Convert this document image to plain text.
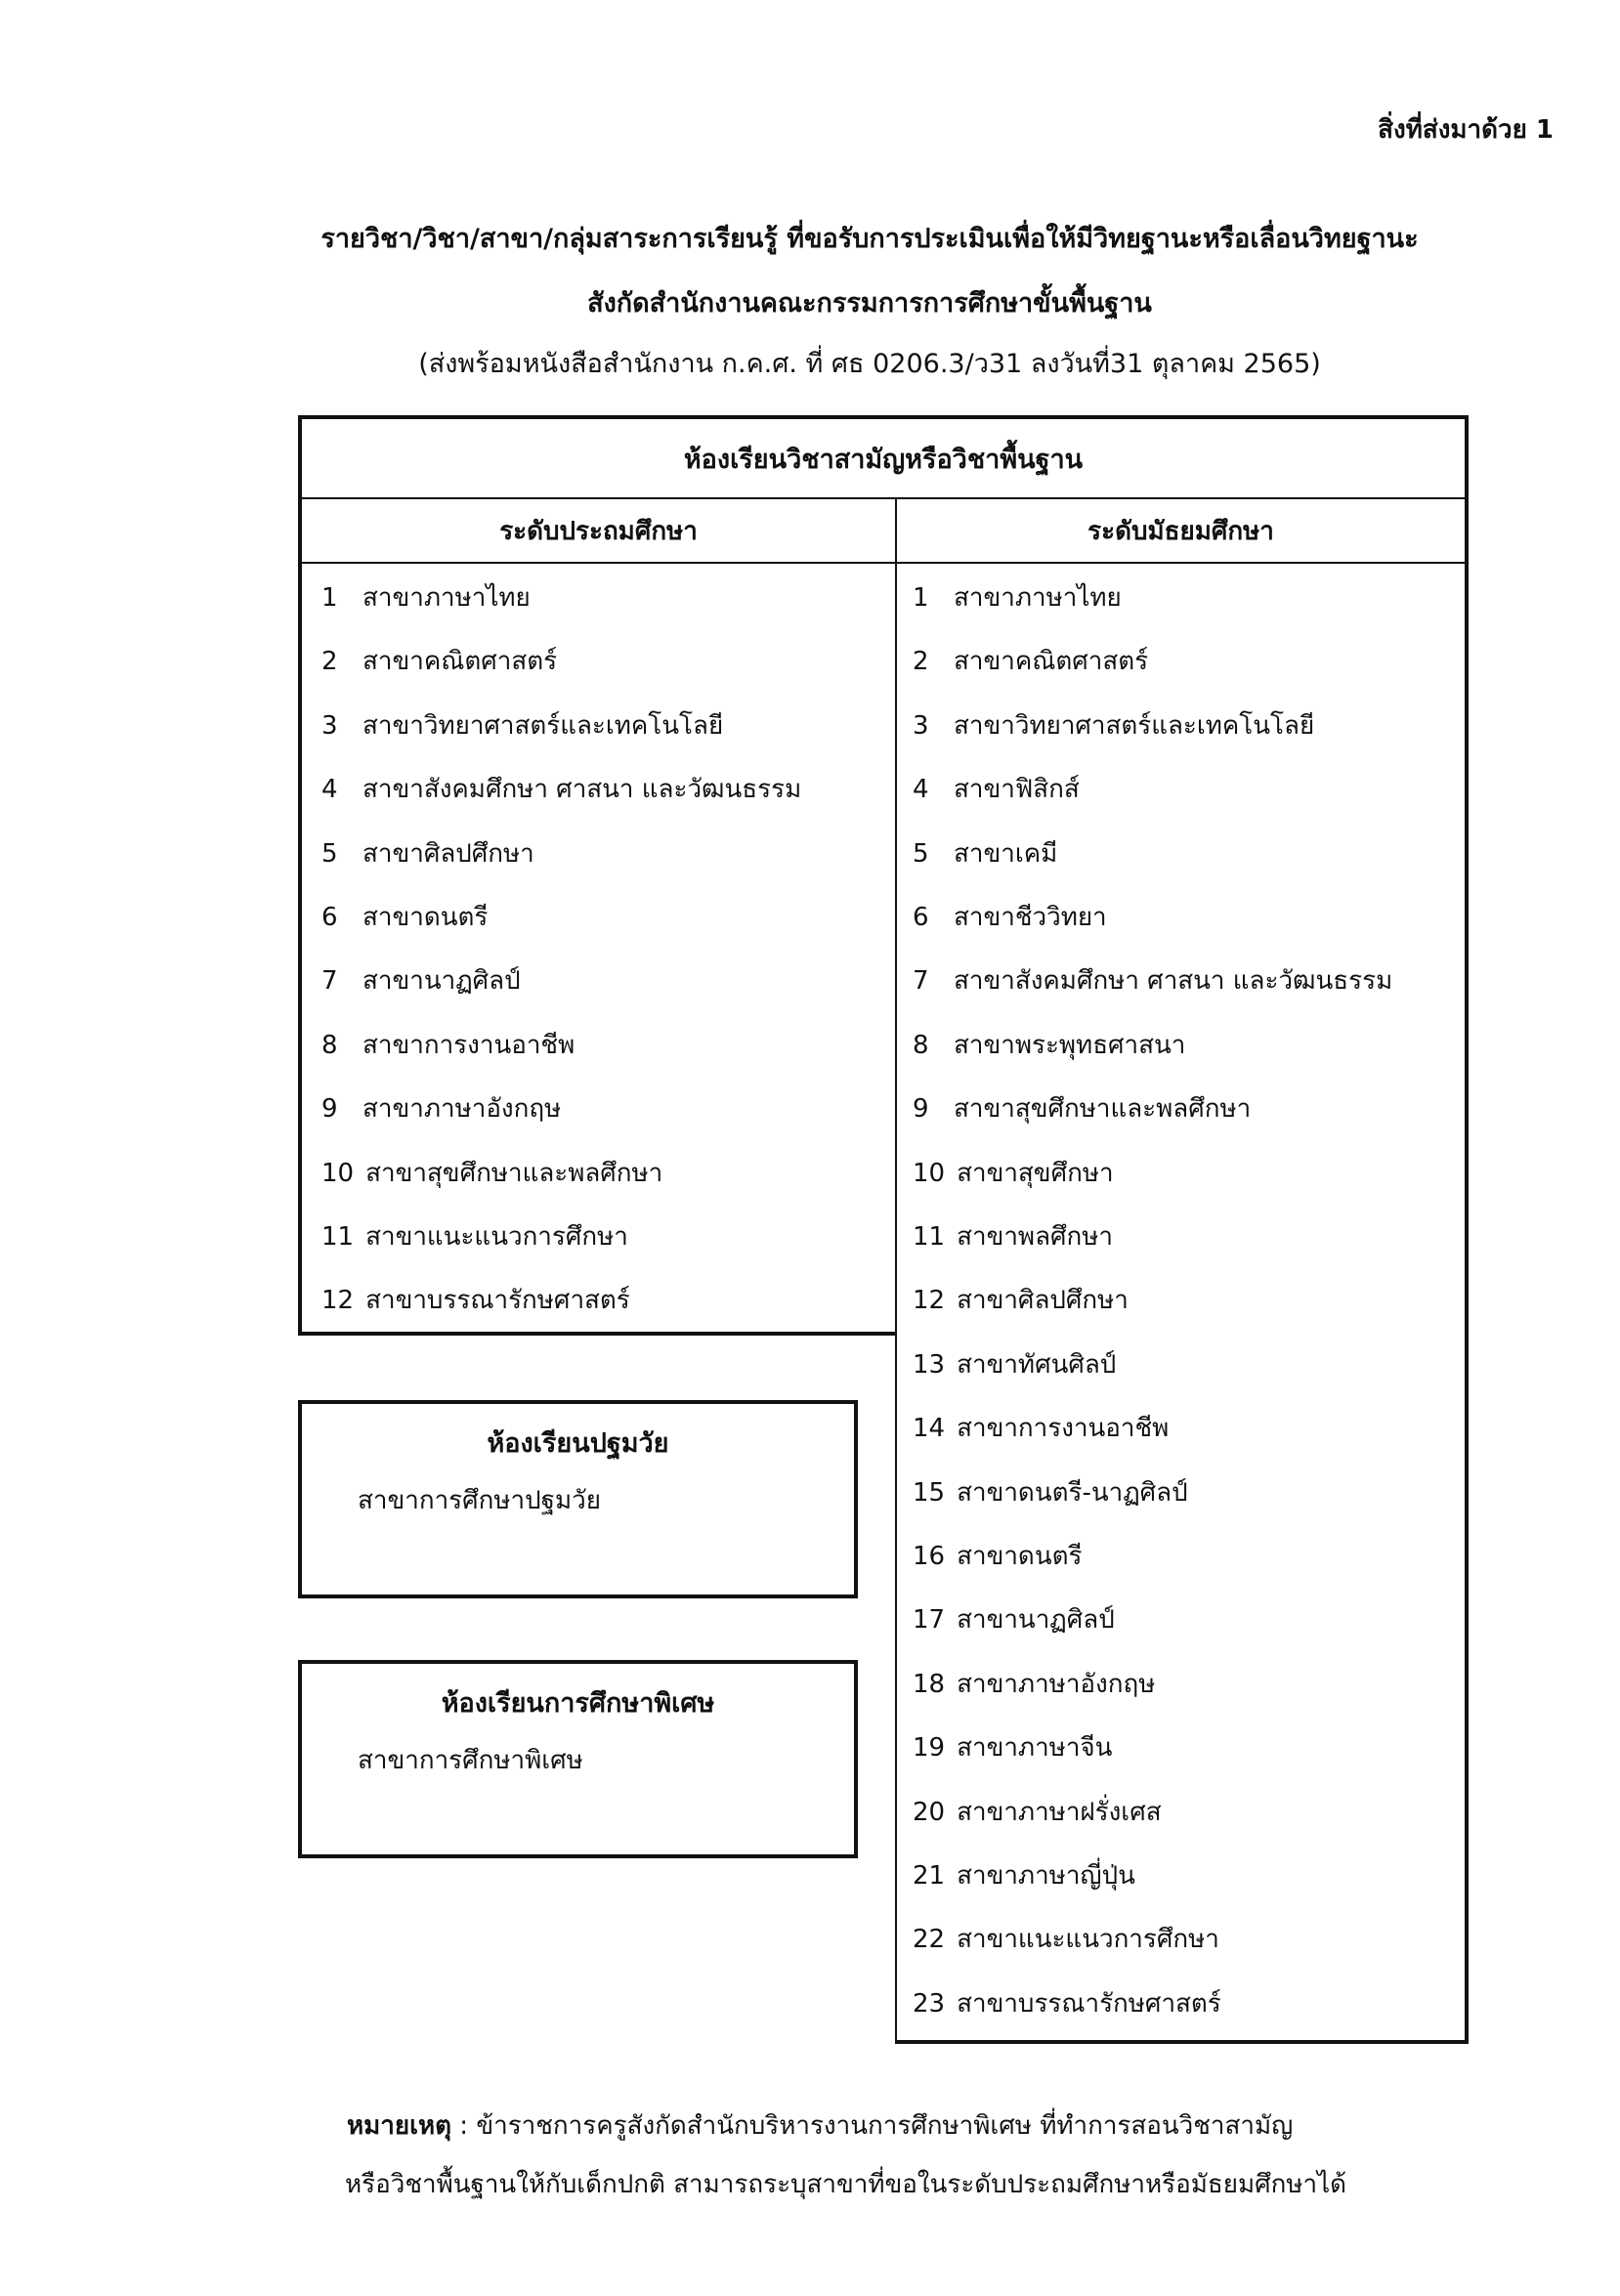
สิ่งที่ส่งมาด้วย 1
รายวิชา/วิชา/สาขา/กลุ่มสาระการเรียนรู้ ที่ขอรับการประเมินเพื่อให้มีวิทยฐานะหรือเลื่อนวิทยฐานะ
สังกัดสำนักงานคณะกรรมการการศึกษาขั้นพื้นฐาน
(ส่งพร้อมหนังสือสำนักงาน ก.ค.ศ. ที่ ศธ 0206.3/ว31 ลงวันที่31 ตุลาคม 2565)
ห้องเรียนวิชาสามัญหรือวิชาพื้นฐาน
ระดับประถมศึกษา	ระดับมัธยมศึกษา
1 สาขาภาษาไทย
2 สาขาคณิตศาสตร์
3 สาขาวิทยาศาสตร์และเทคโนโลยี
4 สาขาสังคมศึกษา ศาสนา และวัฒนธรรม
5 สาขาศิลปศึกษา
6 สาขาดนตรี
7 สาขานาฏศิลป์
8 สาขาการงานอาชีพ
9 สาขาภาษาอังกฤษ
10 สาขาสุขศึกษาและพลศึกษา
11 สาขาแนะแนวการศึกษา
12 สาขาบรรณารักษศาสตร์
1 สาขาภาษาไทย
2 สาขาคณิตศาสตร์
3 สาขาวิทยาศาสตร์และเทคโนโลยี
4 สาขาฟิสิกส์
5 สาขาเคมี
6 สาขาชีววิทยา
7 สาขาสังคมศึกษา ศาสนา และวัฒนธรรม
8 สาขาพระพุทธศาสนา
9 สาขาสุขศึกษาและพลศึกษา
10 สาขาสุขศึกษา
11 สาขาพลศึกษา
12 สาขาศิลปศึกษา
13 สาขาทัศนศิลป์
14 สาขาการงานอาชีพ
15 สาขาดนตรี-นาฏศิลป์
16 สาขาดนตรี
17 สาขานาฏศิลป์
18 สาขาภาษาอังกฤษ
19 สาขาภาษาจีน
20 สาขาภาษาฝรั่งเศส
21 สาขาภาษาญี่ปุ่น
22 สาขาแนะแนวการศึกษา
23 สาขาบรรณารักษศาสตร์
ห้องเรียนปฐมวัย
สาขาการศึกษาปฐมวัย
ห้องเรียนการศึกษาพิเศษ
สาขาการศึกษาพิเศษ
หมายเหตุ : ข้าราชการครูสังกัดสำนักบริหารงานการศึกษาพิเศษ ที่ทำการสอนวิชาสามัญ
หรือวิชาพื้นฐานให้กับเด็กปกติ สามารถระบุสาขาที่ขอในระดับประถมศึกษาหรือมัธยมศึกษาได้
